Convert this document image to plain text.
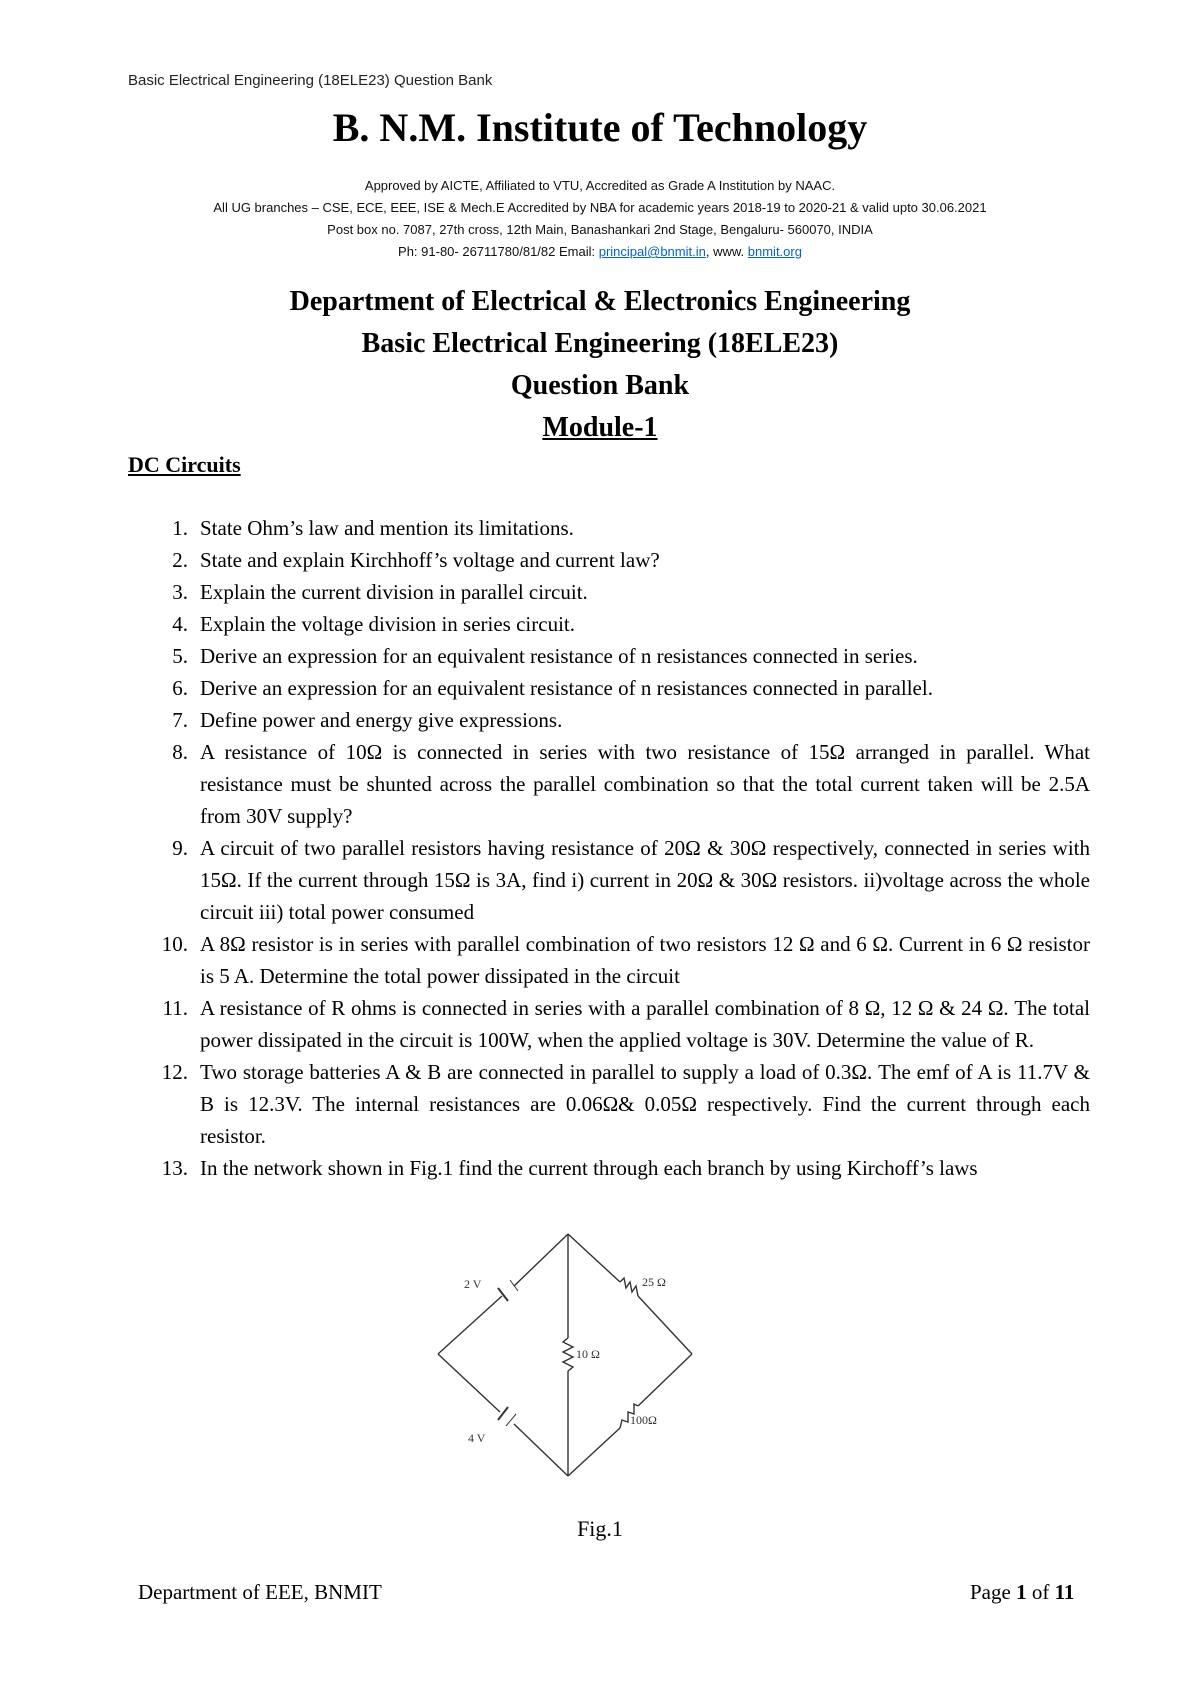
Basic Electrical Engineering (18ELE23) Question Bank
B. N.M. Institute of Technology
Approved by AICTE, Affiliated to VTU, Accredited as Grade A Institution by NAAC.
All UG branches – CSE, ECE, EEE, ISE & Mech.E Accredited by NBA for academic years 2018-19 to 2020-21 & valid upto 30.06.2021
Post box no. 7087, 27th cross, 12th Main, Banashankari 2nd Stage, Bengaluru- 560070, INDIA
Ph: 91-80- 26711780/81/82 Email: principal@bnmit.in, www. bnmit.org
Department of Electrical & Electronics Engineering
Basic Electrical Engineering (18ELE23)
Question Bank
Module-1
DC Circuits
1. State Ohm’s law and mention its limitations.
2. State and explain Kirchhoff’s voltage and current law?
3. Explain the current division in parallel circuit.
4. Explain the voltage division in series circuit.
5. Derive an expression for an equivalent resistance of n resistances connected in series.
6. Derive an expression for an equivalent resistance of n resistances connected in parallel.
7. Define power and energy give expressions.
8. A resistance of 10Ω is connected in series with two resistance of 15Ω arranged in parallel. What resistance must be shunted across the parallel combination so that the total current taken will be 2.5A from 30V supply?
9. A circuit of two parallel resistors having resistance of 20Ω & 30Ω respectively, connected in series with 15Ω. If the current through 15Ω is 3A, find i) current in 20Ω & 30Ω resistors. ii)voltage across the whole circuit iii) total power consumed
10. A 8Ω resistor is in series with parallel combination of two resistors 12 Ω and 6 Ω. Current in 6 Ω resistor is 5 A. Determine the total power dissipated in the circuit
11. A resistance of R ohms is connected in series with a parallel combination of 8 Ω, 12 Ω & 24 Ω. The total power dissipated in the circuit is 100W, when the applied voltage is 30V. Determine the value of R.
12. Two storage batteries A & B are connected in parallel to supply a load of 0.3Ω. The emf of A is 11.7V & B is 12.3V. The internal resistances are 0.06Ω& 0.05Ω respectively. Find the current through each resistor.
13. In the network shown in Fig.1 find the current through each branch by using Kirchoff’s laws
2 V	25 Ω
10 Ω
100Ω
4 V
Fig.1
Department of EEE, BNMIT	Page 1 of 11
